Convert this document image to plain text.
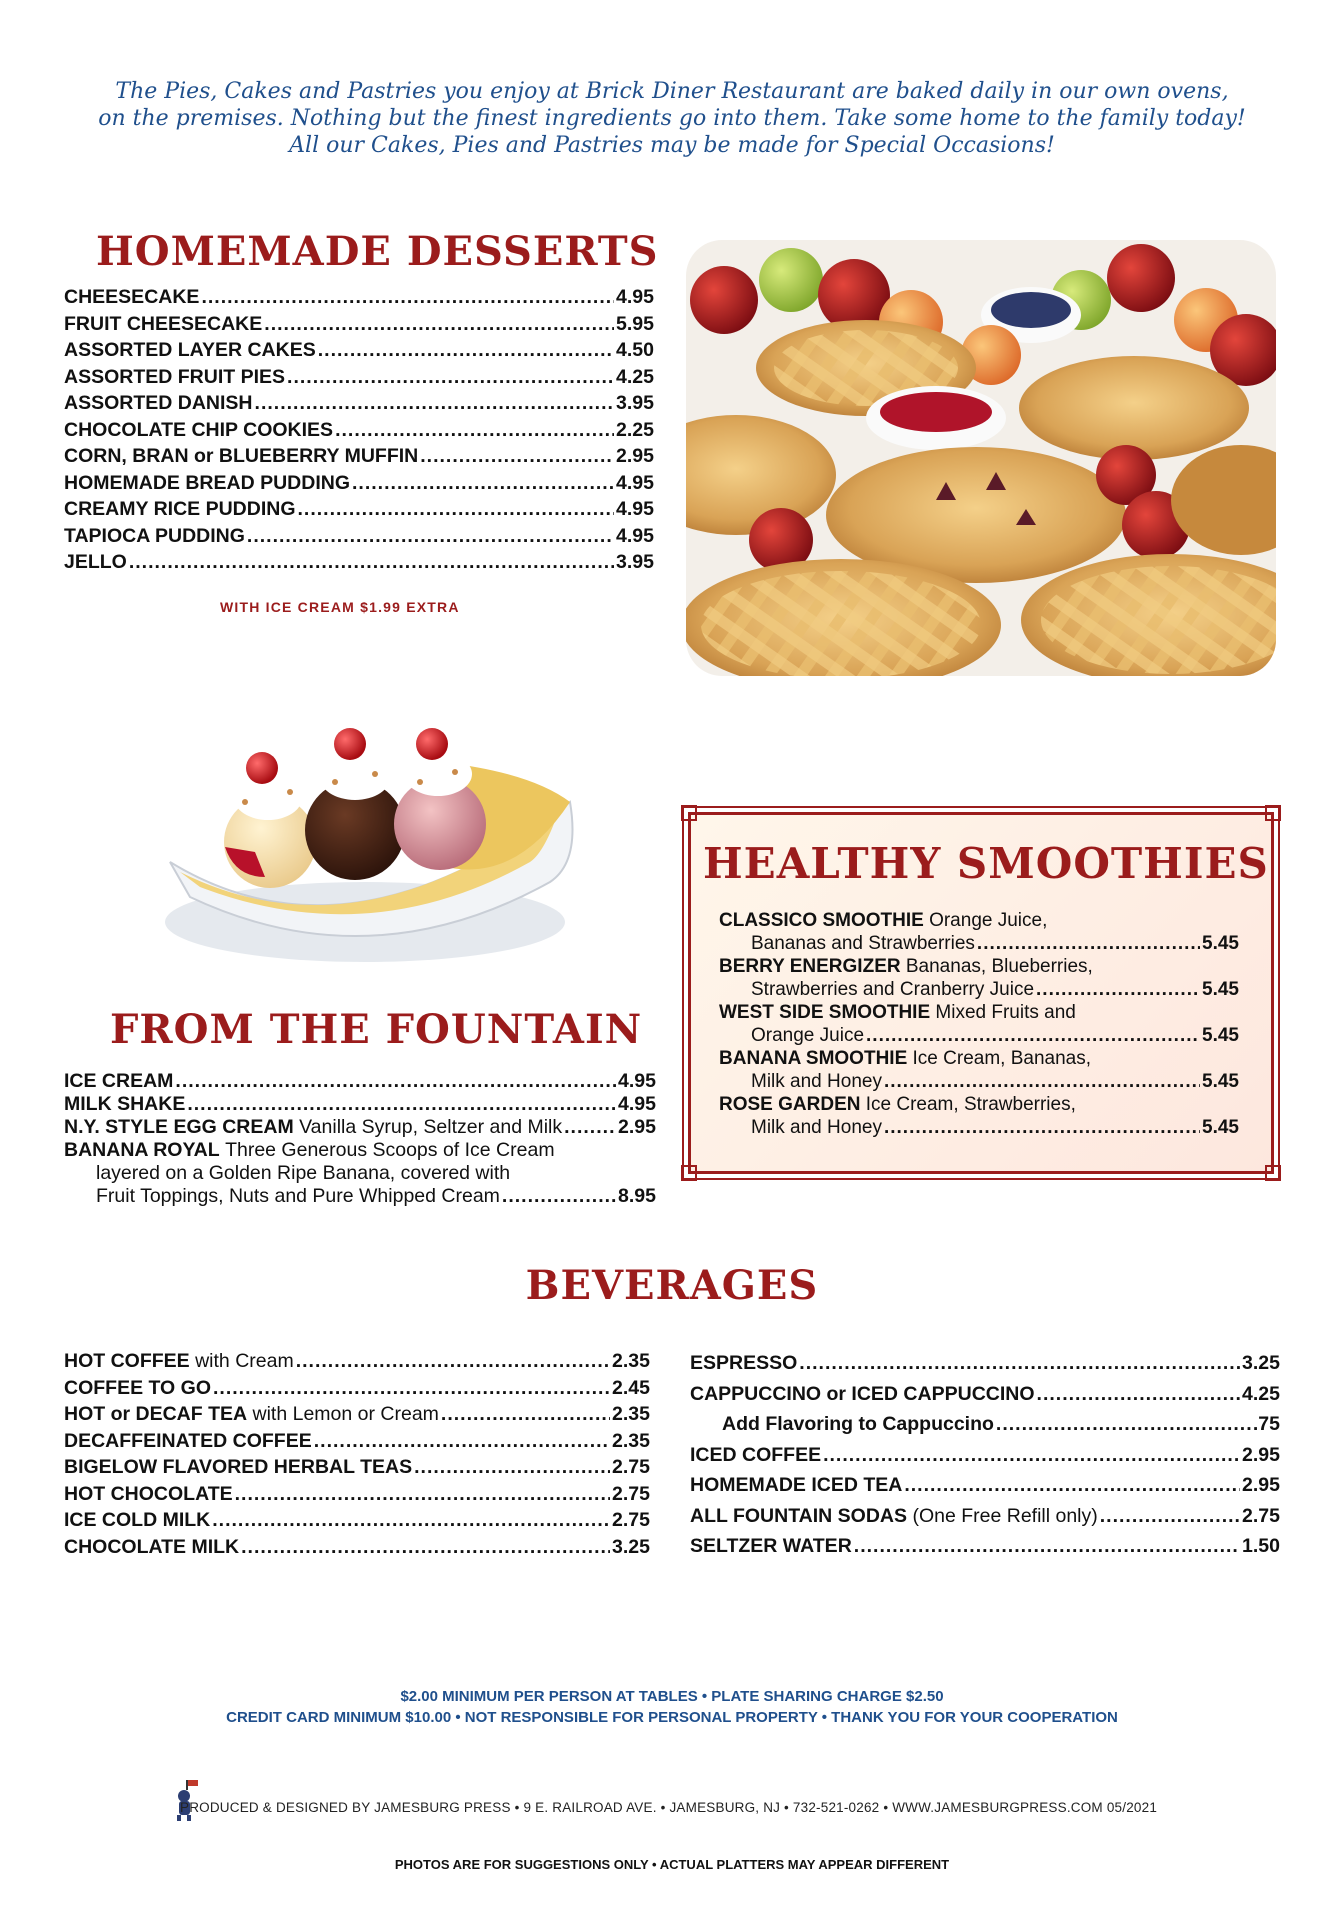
The Pies, Cakes and Pastries you enjoy at Brick Diner Restaurant are baked daily in our own ovens,
on the premises. Nothing but the finest ingredients go into them. Take some home to the family today!
All our Cakes, Pies and Pastries may be made for Special Occasions!
HOMEMADE DESSERTS
CHEESECAKE .....	4.95
FRUIT CHEESECAKE .....	5.95
ASSORTED LAYER CAKES .....	4.50
ASSORTED FRUIT PIES .....	4.25
ASSORTED DANISH .....	3.95
CHOCOLATE CHIP COOKIES .....	2.25
CORN, BRAN or BLUEBERRY MUFFIN .....	2.95
HOMEMADE BREAD PUDDING .....	4.95
CREAMY RICE PUDDING .....	4.95
TAPIOCA PUDDING .....	4.95
JELLO .....	3.95
WITH ICE CREAM $1.99 EXTRA
FROM THE FOUNTAIN
ICE CREAM .....	4.95
MILK SHAKE .....	4.95
N.Y. STYLE EGG CREAM
Vanilla Syrup, Seltzer and Milk .....	2.95
BANANA ROYAL
Three Generous Scoops of Ice Cream
layered on a Golden Ripe Banana, covered with
Fruit Toppings, Nuts and Pure Whipped Cream .....	8.95
HEALTHY SMOOTHIES
CLASSICO SMOOTHIE
Orange Juice,
Bananas and Strawberries .....	5.45
BERRY ENERGIZER
Bananas, Blueberries,
Strawberries and Cranberry Juice .....	5.45
WEST SIDE SMOOTHIE
Mixed Fruits and
Orange Juice .....	5.45
BANANA SMOOTHIE
Ice Cream, Bananas,
Milk and Honey .....	5.45
ROSE GARDEN
Ice Cream, Strawberries,
Milk and Honey .....	5.45
BEVERAGES
HOT COFFEE
with Cream .....	2.35
COFFEE TO GO .....	2.45
HOT or DECAF TEA
with Lemon or Cream .....	2.35
DECAFFEINATED COFFEE .....	2.35
BIGELOW FLAVORED HERBAL TEAS .....	2.75
HOT CHOCOLATE .....	2.75
ICE COLD MILK .....	2.75
CHOCOLATE MILK .....	3.25
ESPRESSO .....	3.25
CAPPUCCINO or ICED CAPPUCCINO .....	4.25
Add Flavoring to Cappuccino .....	.75
ICED COFFEE .....	2.95
HOMEMADE ICED TEA .....	2.95
ALL FOUNTAIN SODAS
(One Free Refill only) .....	2.75
SELTZER WATER .....	1.50
$2.00 MINIMUM PER PERSON AT TABLES • PLATE SHARING CHARGE $2.50
CREDIT CARD MINIMUM $10.00 • NOT RESPONSIBLE FOR PERSONAL PROPERTY • THANK YOU FOR YOUR COOPERATION
PRODUCED & DESIGNED BY JAMESBURG PRESS • 9 E. RAILROAD AVE. • JAMESBURG, NJ • 732-521-0262 • WWW.JAMESBURGPRESS.COM 05/2021
PHOTOS ARE FOR SUGGESTIONS ONLY • ACTUAL PLATTERS MAY APPEAR DIFFERENT
